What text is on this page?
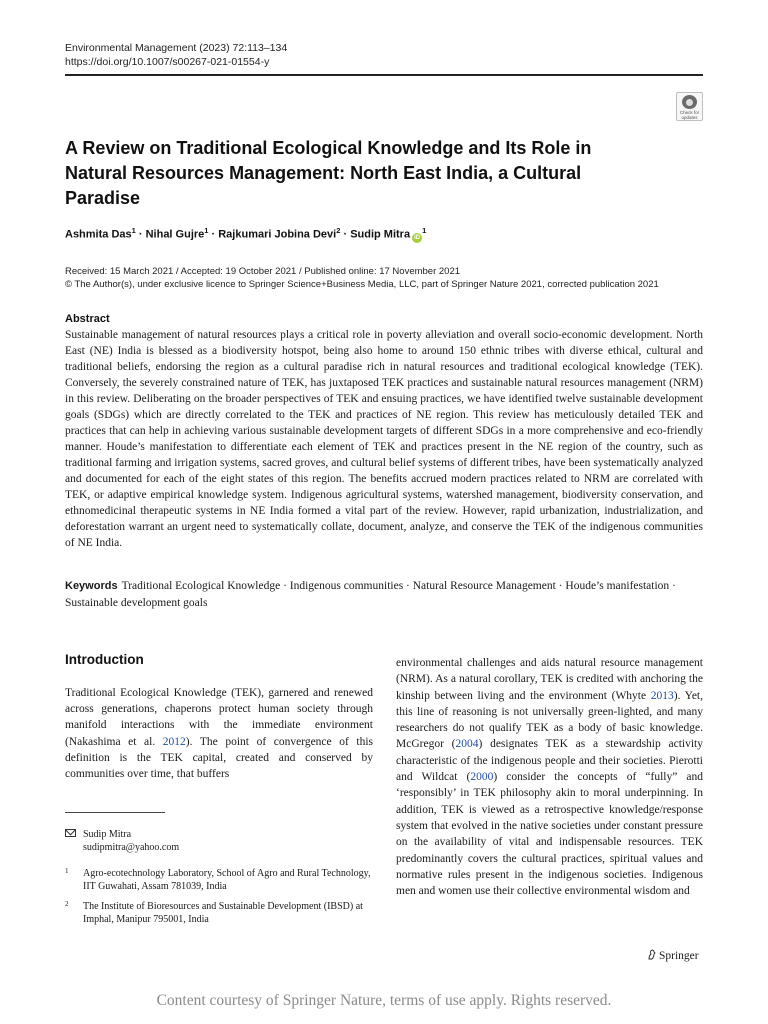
Environmental Management (2023) 72:113–134
https://doi.org/10.1007/s00267-021-01554-y
Check for updates
A Review on Traditional Ecological Knowledge and Its Role in
Natural Resources Management: North East India, a Cultural
Paradise
Ashmita Das$^1$ · Nihal Gujre$^1$ · Rajkumari Jobina Devi$^2$ · Sudip Mitra $iD^1$
Received: 15 March 2021 / Accepted: 19 October 2021 / Published online: 17 November 2021
© The Author(s), under exclusive licence to Springer Science+Business Media, LLC, part of Springer Nature 2021, corrected publication 2021
Abstract
Sustainable management of natural resources plays a critical role in poverty alleviation and overall socio-economic development. North East (NE) India is blessed as a biodiversity hotspot, being also home to around 150 ethnic tribes with diverse ethical, cultural and traditional beliefs, endorsing the region as a cultural paradise rich in natural resources and traditional ecological knowledge (TEK). Conversely, the severely constrained nature of TEK, has juxtaposed TEK practices and sustainable natural resources management (NRM) in this review. Deliberating on the broader perspectives of TEK and ensuing practices, we have identified twelve sustainable development goals (SDGs) which are directly correlated to the TEK and practices of NE region. This review has meticulously detailed TEK and practices that can help in achieving various sustainable development targets of different SDGs in a more comprehensive and eco-friendly manner. Houde’s manifestation to differentiate each element of TEK and practices present in the NE region of the country, such as traditional farming and irrigation systems, sacred groves, and cultural belief systems of different tribes, have been systematically analyzed and documented for each of the eight states of this region. The benefits accrued modern practices related to NRM are correlated with TEK, or adaptive empirical knowledge system. Indigenous agricultural systems, watershed management, biodiversity conservation, and ethnomedicinal therapeutic systems in NE India formed a vital part of the review. However, rapid urbanization, industrialization, and deforestation warrant an urgent need to systematically collate, document, analyze, and conserve the TEK of the indigenous communities of NE India.
Keywords Traditional Ecological Knowledge · Indigenous communities · Natural Resource Management · Houde’s manifestation · Sustainable development goals
Introduction
Traditional Ecological Knowledge (TEK), garnered and renewed across generations, chaperons protect human society through manifold interactions with the immediate environment (Nakashima et al. 2012). The point of convergence of this definition is the TEK capital, created and conserved by communities over time, that buffers
environmental challenges and aids natural resource management (NRM). As a natural corollary, TEK is credited with anchoring the kinship between living and the environment (Whyte 2013). Yet, this line of reasoning is not universally green-lighted, and many researchers do not qualify TEK as a body of basic knowledge. McGregor (2004) designates TEK as a stewardship activity characteristic of the indigenous people and their societies. Pierotti and Wildcat (2000) consider the concepts of “fully” and ‘responsibly’ in TEK philosophy akin to moral underpinning. In addition, TEK is viewed as a retrospective knowledge/response system that evolved in the native societies under constant pressure on the availability of vital and indispensable resources. TEK predominantly covers the cultural practices, spiritual values and normative rules present in the indigenous societies. Indigenous men and women use their collective environmental wisdom and
Sudip Mitra
sudipmitra@yahoo.com
1	Agro-ecotechnology Laboratory, School of Agro and Rural Technology, IIT Guwahati, Assam 781039, India
2	The Institute of Bioresources and Sustainable Development (IBSD) at Imphal, Manipur 795001, India
Springer
Content courtesy of Springer Nature, terms of use apply. Rights reserved.
